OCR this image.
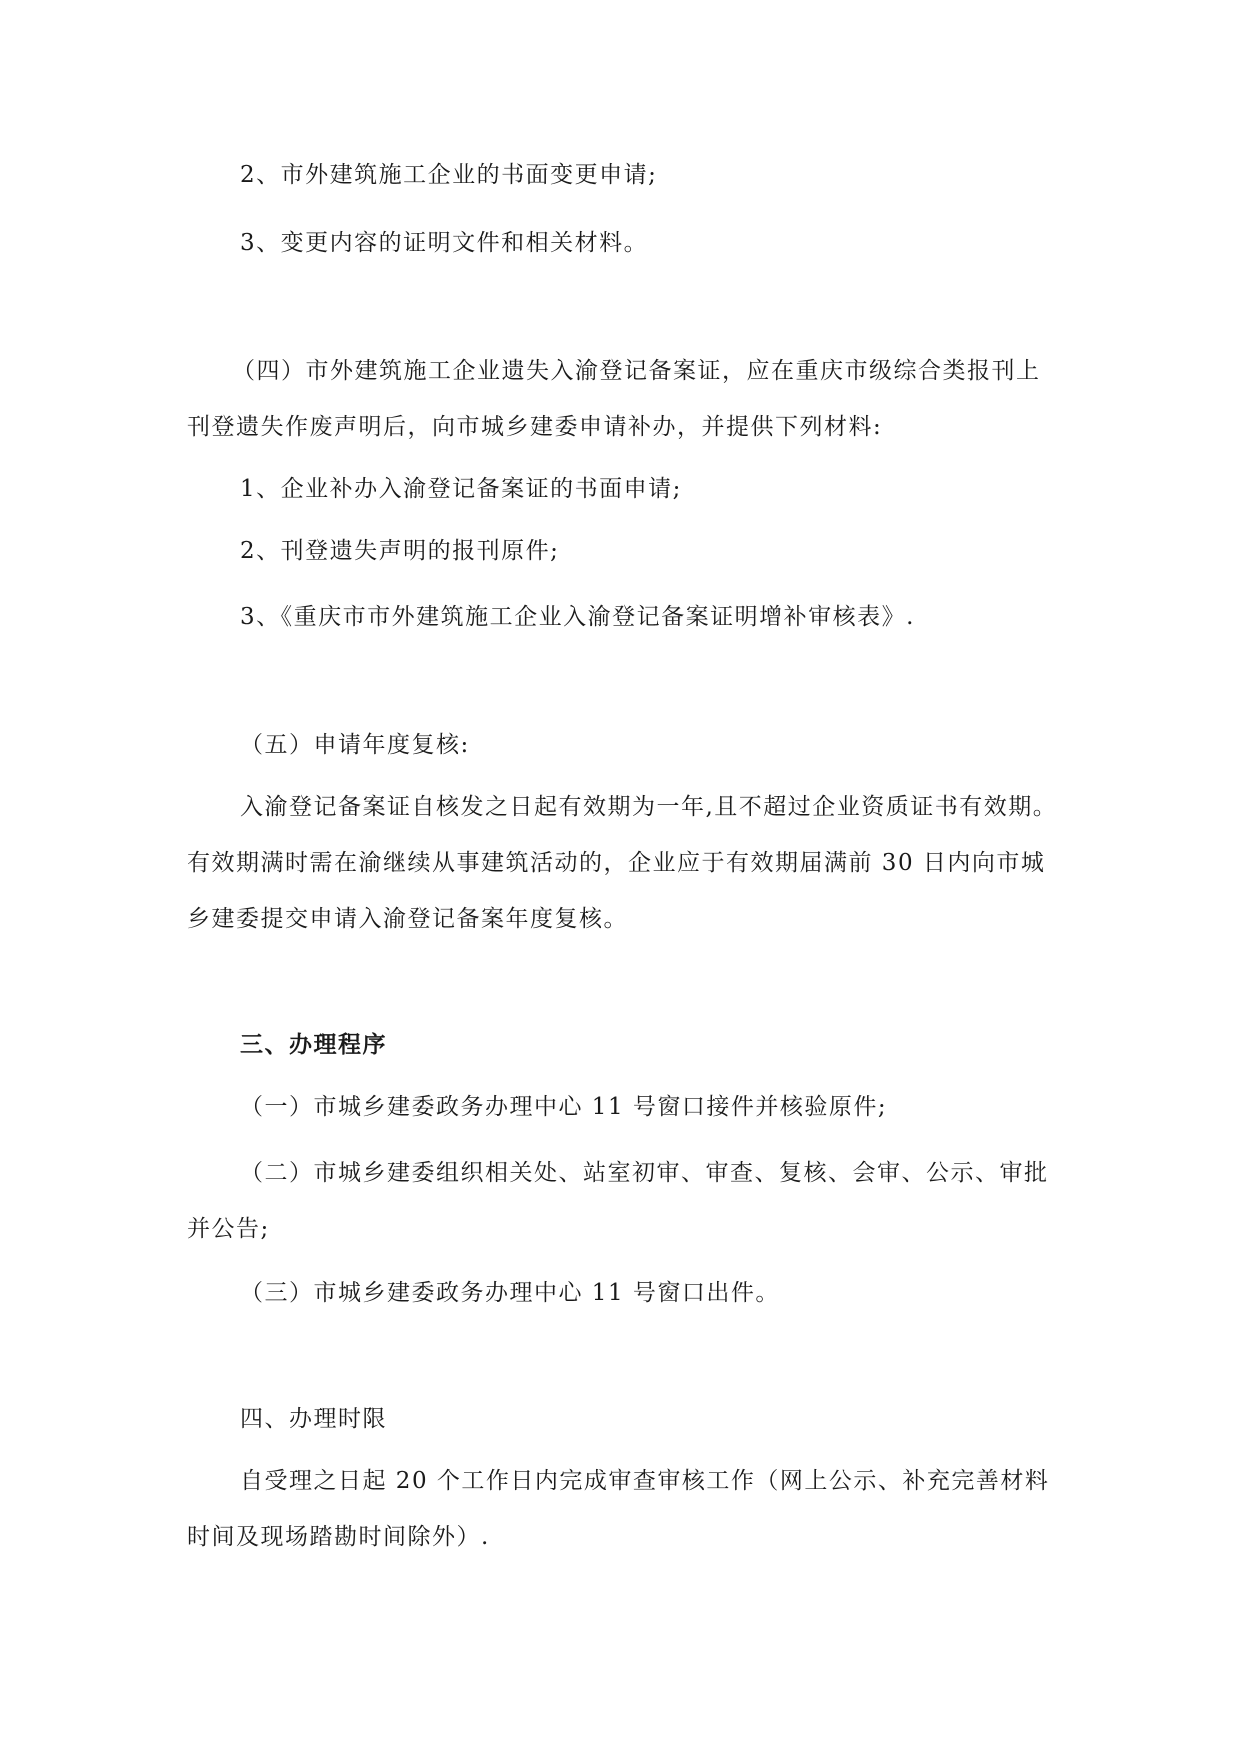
2、市外建筑施工企业的书面变更申请;
3、变更内容的证明文件和相关材料。
（四）市外建筑施工企业遗失入渝登记备案证，应在重庆市级综合类报刊上
刊登遗失作废声明后，向市城乡建委申请补办，并提供下列材料:
1、企业补办入渝登记备案证的书面申请;
2、刊登遗失声明的报刊原件;
3、《重庆市市外建筑施工企业入渝登记备案证明增补审核表》.
（五）申请年度复核:
入渝登记备案证自核发之日起有效期为一年,且不超过企业资质证书有效期。
有效期满时需在渝继续从事建筑活动的，企业应于有效期届满前 30 日内向市城
乡建委提交申请入渝登记备案年度复核。
三、办理程序
（一）市城乡建委政务办理中心 11 号窗口接件并核验原件;
（二）市城乡建委组织相关处、站室初审、审查、复核、会审、公示、审批
并公告;
（三）市城乡建委政务办理中心 11 号窗口出件。
四、办理时限
自受理之日起 20 个工作日内完成审查审核工作（网上公示、补充完善材料
时间及现场踏勘时间除外）.
